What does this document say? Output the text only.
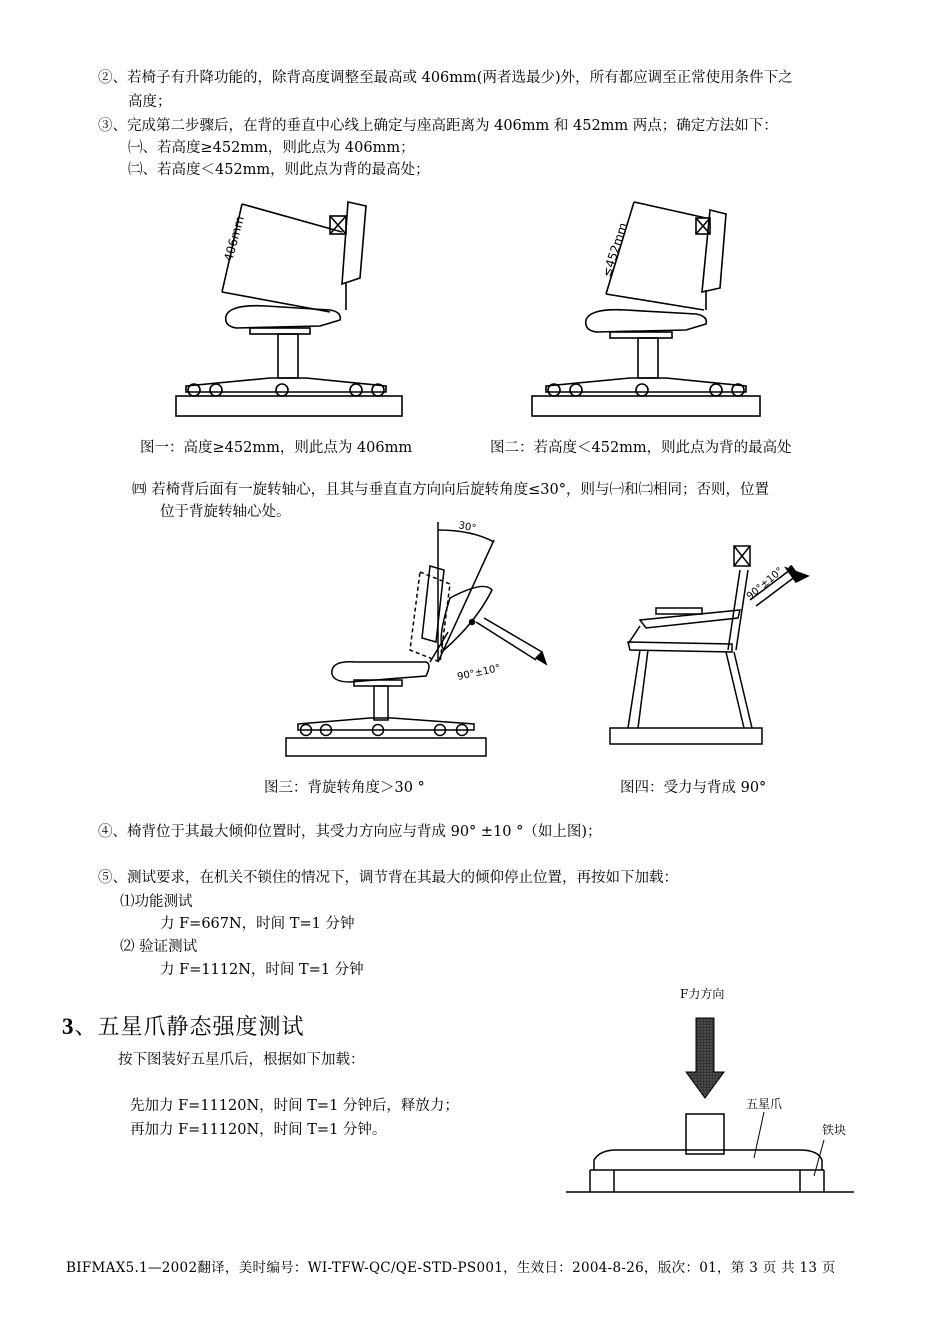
②、若椅子有升降功能的，除背高度调整至最高或 406mm(两者选最少)外，所有都应调至正常使用条件下之
高度；
③、完成第二步骤后，在背的垂直中心线上确定与座高距离为 406mm 和 452mm 两点；确定方法如下：
㈠、若高度≥452mm，则此点为 406mm；
㈡、若高度＜452mm，则此点为背的最高处；
406mm	≤452mm
图一：高度≥452mm，则此点为 406mm	图二：若高度＜452mm，则此点为背的最高处
㈣ 若椅背后面有一旋转轴心，且其与垂直直方向向后旋转角度≤30°，则与㈠和㈡相同；否则，位置
位于背旋转轴心处。
30°
90°±10°
90°±10°
图三：背旋转角度＞30 °	图四：受力与背成 90°
④、椅背位于其最大倾仰位置时，其受力方向应与背成 90° ±10 °（如上图)；
⑤、测试要求，在机关不锁住的情况下，调节背在其最大的倾仰停止位置，再按如下加载：
⑴功能测试
力 F=667N，时间 T=1 分钟
⑵ 验证测试
力 F=1112N，时间 T=1 分钟
3、五星爪静态强度测试
按下图装好五星爪后，根据如下加载：
先加力 F=11120N，时间 T=1 分钟后，释放力；
再加力 F=11120N，时间 T=1 分钟。
F力方向
五星爪
铁块
BIFMAX5.1—2002翻译，美时编号：WI-TFW-QC/QE-STD-PS001，生效日：2004-8-26，版次：01，第 3 页 共 13 页
